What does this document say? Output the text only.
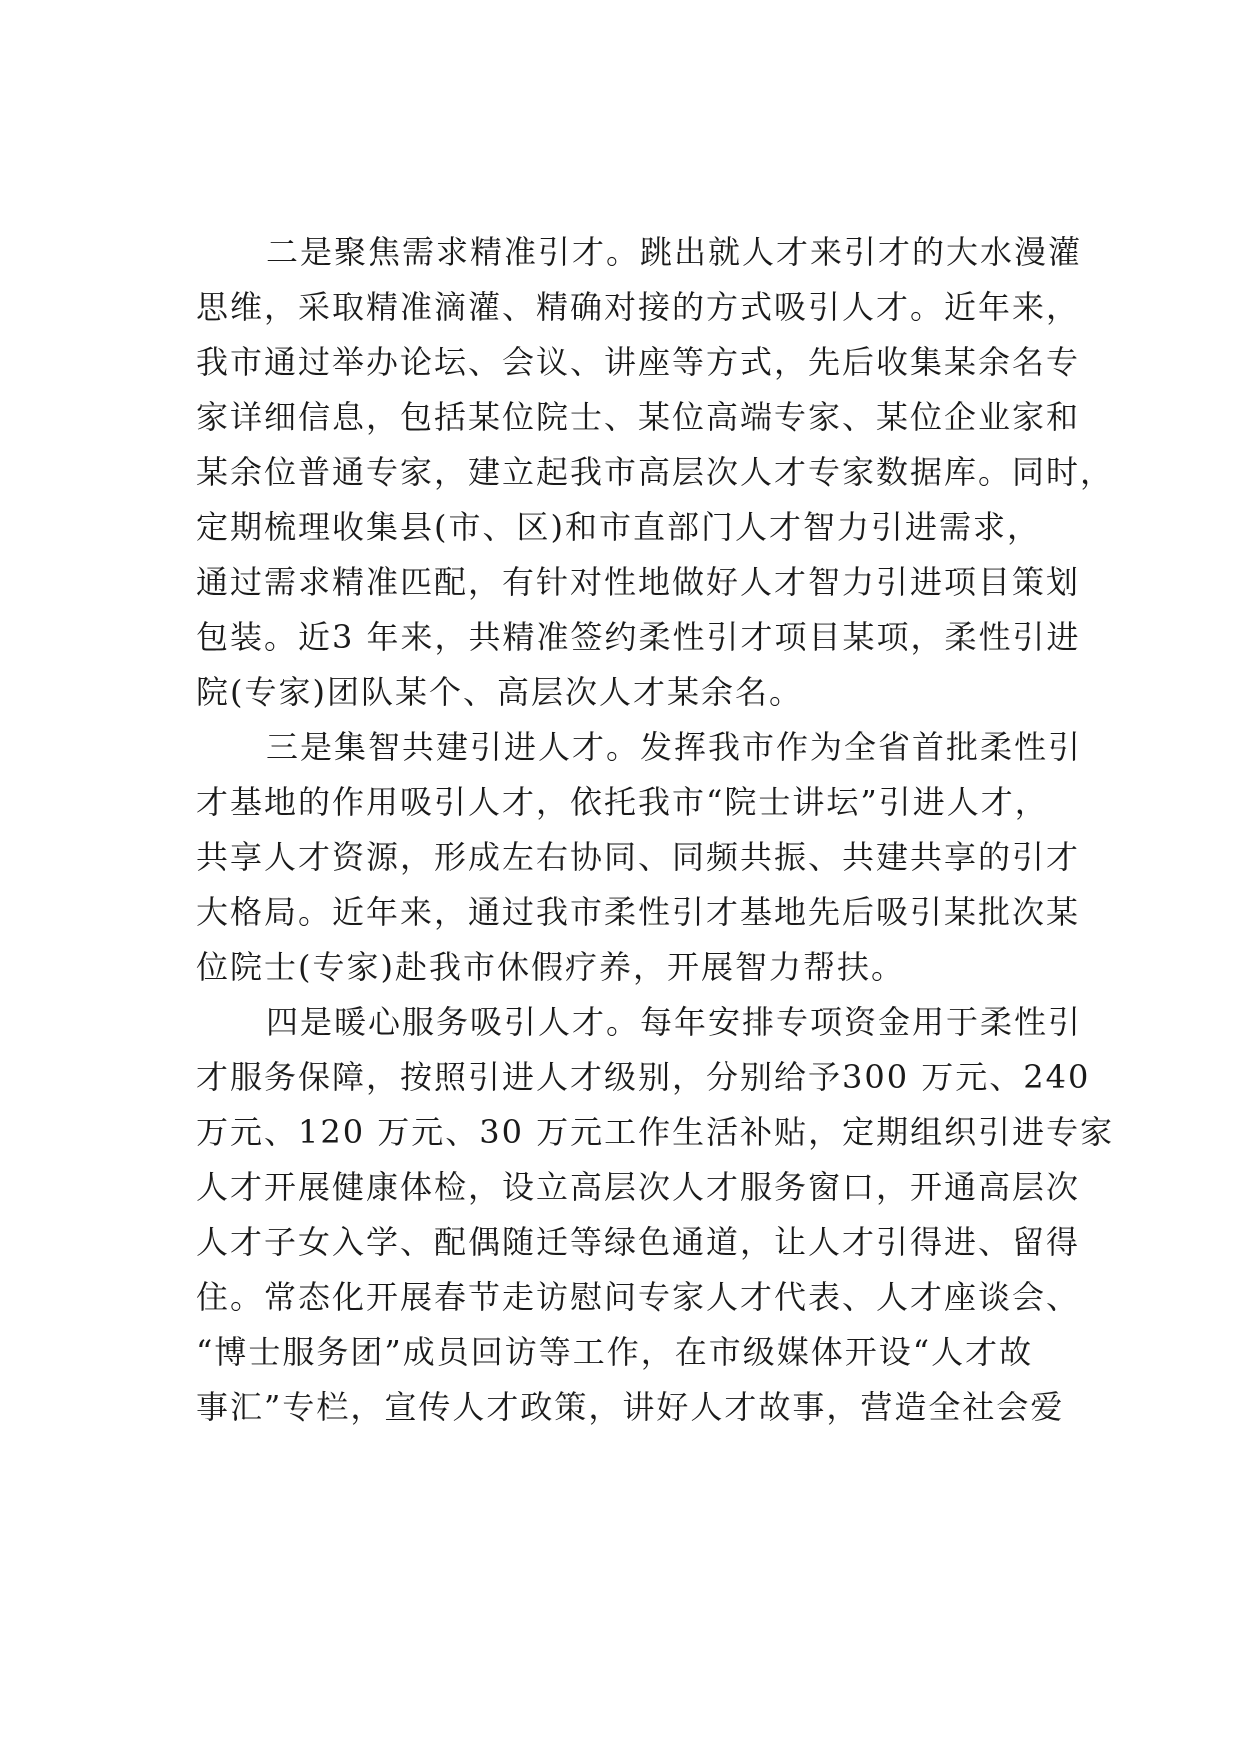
二是聚焦需求精准引才。跳出就人才来引才的大水漫灌
思维，采取精准滴灌、精确对接的方式吸引人才。近年来，
我市通过举办论坛、会议、讲座等方式，先后收集某余名专
家详细信息，包括某位院士、某位高端专家、某位企业家和
某余位普通专家，建立起我市高层次人才专家数据库。同时，
定期梳理收集县(市、区)和市直部门人才智力引进需求，
通过需求精准匹配，有针对性地做好人才智力引进项目策划
包装。近3 年来，共精准签约柔性引才项目某项，柔性引进
院(专家)团队某个、高层次人才某余名。
三是集智共建引进人才。发挥我市作为全省首批柔性引
才基地的作用吸引人才，依托我市“院士讲坛”引进人才，
共享人才资源，形成左右协同、同频共振、共建共享的引才
大格局。近年来，通过我市柔性引才基地先后吸引某批次某
位院士(专家)赴我市休假疗养，开展智力帮扶。
四是暖心服务吸引人才。每年安排专项资金用于柔性引
才服务保障，按照引进人才级别，分别给予300 万元、240
万元、120 万元、30 万元工作生活补贴，定期组织引进专家
人才开展健康体检，设立高层次人才服务窗口，开通高层次
人才子女入学、配偶随迁等绿色通道，让人才引得进、留得
住。常态化开展春节走访慰问专家人才代表、人才座谈会、
“博士服务团”成员回访等工作，在市级媒体开设“人才故
事汇”专栏，宣传人才政策，讲好人才故事，营造全社会爱
